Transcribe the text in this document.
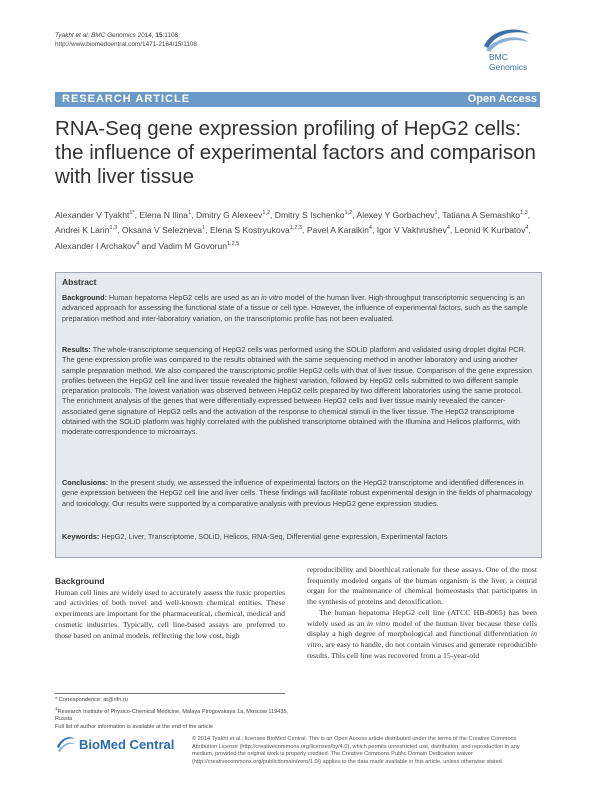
Tyakht et al. BMC Genomics 2014, 15:1108
http://www.biomedcentral.com/1471-2164/15/1108
BMC
Genomics
RESEARCH ARTICLE	Open Access
RNA-Seq gene expression profiling of HepG2 cells: the influence of experimental factors and comparison with liver tissue
Alexander V Tyakht$^{1*}$, Elena N Ilina$^1$, Dmitry G Alexeev$^{1,2}$, Dmitry S Ischenko$^{1,2}$, Alexey Y Gorbachev$^1$, Tatiana A Semashko$^{1,3}$, Andrei K Larin$^{1,3}$, Oksana V Selezneva$^1$, Elena S Kostryukova$^{1,2,3}$, Pavel A Karalkin$^4$, Igor V Vakhrushev$^4$, Leonid K Kurbatov$^4$, Alexander I Archakov$^4$ and Vadim M Govorun$^{1,2,5}$
Abstract
Background: Human hepatoma HepG2 cells are used as an in vitro model of the human liver. High-throughput transcriptomic sequencing is an advanced approach for assessing the functional state of a tissue or cell type. However, the influence of experimental factors, such as the sample preparation method and inter-laboratory variation, on the transcriptomic profile has not been evaluated.
Results: The whole-transcriptome sequencing of HepG2 cells was performed using the SOLiD platform and validated using droplet digital PCR. The gene expression profile was compared to the results obtained with the same sequencing method in another laboratory and using another sample preparation method. We also compared the transcriptomic profile HepG2 cells with that of liver tissue. Comparison of the gene expression profiles between the HepG2 cell line and liver tissue revealed the highest variation, followed by HepG2 cells submitted to two different sample preparation protocols. The lowest variation was observed between HepG2 cells prepared by two different laboratories using the same protocol. The enrichment analysis of the genes that were differentially expressed between HepG2 cells and liver tissue mainly revealed the cancer-associated gene signature of HepG2 cells and the activation of the response to chemical stimuli in the liver tissue. The HepG2 transcriptome obtained with the SOLiD platform was highly correlated with the published transcriptome obtained with the Illumina and Helicos platforms, with moderate correspondence to microarrays.
Conclusions: In the present study, we assessed the influence of experimental factors on the HepG2 transcriptome and identified differences in gene expression between the HepG2 cell line and liver cells. These findings will facilitate robust experimental design in the fields of pharmacology and toxicology. Our results were supported by a comparative analysis with previous HepG2 gene expression studies.
Keywords: HepG2, Liver, Transcriptome, SOLiD, Helicos, RNA-Seq, Differential gene expression, Experimental factors
Background
Human cell lines are widely used to accurately assess the toxic properties and activities of both novel and well-known chemical entities. These experiments are important for the pharmaceutical, chemical, medical and cosmetic industries. Typically, cell line-based assays are preferred to those based on animal models, reflecting the low cost, high
reproducibility and bioethical rationale for these assays. One of the most frequently modeled organs of the human organism is the liver, a central organ for the maintenance of chemical homeostasis that participates in the synthesis of proteins and detoxification.
The human hepatoma HepG2 cell line (ATCC HB-8065) has been widely used as an in vitro model of the human liver because these cells display a high degree of morphological and functional differentiation in vitro, are easy to handle, do not contain viruses and generate reproducible results. This cell line was recovered from a 15-year-old
* Correspondence: at@rifn.ru
$^1$Research Institute of Physico-Chemical Medicine, Malaya Pirogovskaya 1a, Moscow 119435, Russia
Full list of author information is available at the end of the article
BioMed Central	© 2014 Tyakht et al.; licensee BioMed Central. This is an Open Access article distributed under the terms of the Creative Commons Attribution License (http://creativecommons.org/licenses/by/4.0), which permits unrestricted use, distribution, and reproduction in any medium, provided the original work is properly credited. The Creative Commons Public Domain Dedication waiver (http://creativecommons.org/publicdomain/zero/1.0/) applies to the data made available in this article, unless otherwise stated.
